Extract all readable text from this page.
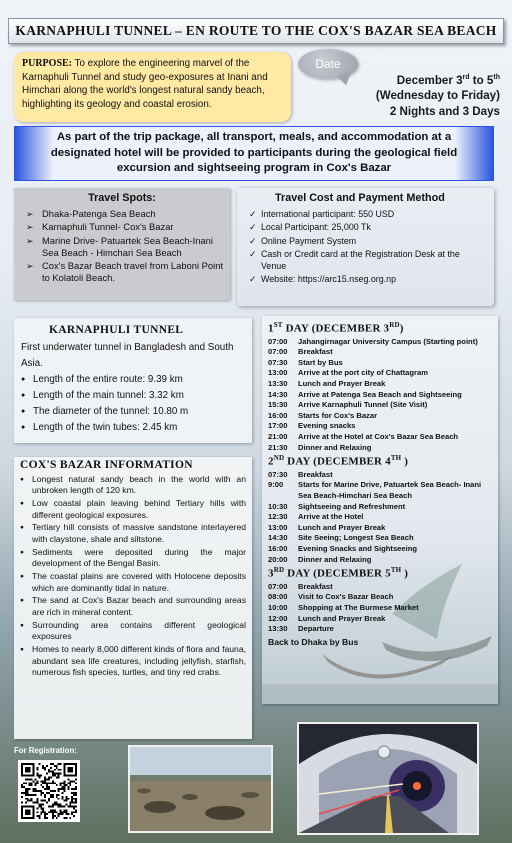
KARNAPHULI TUNNEL – EN ROUTE TO THE COX'S BAZAR SEA BEACH
PURPOSE: To explore the engineering marvel of the Karnaphuli Tunnel and study geo-exposures at Inani and Himchari along the world's longest natural sandy beach, highlighting its geology and coastal erosion.
Date
December 3rd to 5th
(Wednesday to Friday)
2 Nights and 3 Days
As part of the trip package, all transport, meals, and accommodation at a designated hotel will be provided to participants during the geological field excursion and sightseeing program in Cox's Bazar
Travel Spots:
➢ Dhaka-Patenga Sea Beach
➢ Karnaphuli Tunnel- Cox's Bazar
➢ Marine Drive- Patuartek Sea Beach-Inani Sea Beach - Himchari Sea Beach
➢ Cox's Bazar Beach travel from Laboni Point to Kolatoli Beach.
Travel Cost and Payment Method
✓ International participant: 550 USD
✓ Local Participant: 25,000 Tk
✓ Online Payment System
✓ Cash or Credit card at the Registration Desk at the Venue
✓ Website: https://arc15.nseg.org.np
KARNAPHULI TUNNEL
First underwater tunnel in Bangladesh and South Asia.
● Length of the entire route: 9.39 km
● Length of the main tunnel: 3.32 km
● The diameter of the tunnel: 10.80 m
● Length of the twin tubes: 2.45 km
COX'S BAZAR INFORMATION
● Longest natural sandy beach in the world with an unbroken length of 120 km.
● Low coastal plain leaving behind Tertiary hills with different geological exposures.
● Tertiary hill consists of massive sandstone interlayered with claystone, shale and siltstone.
● Sediments were deposited during the major development of the Bengal Basin.
● The coastal plains are covered with Holocene deposits which are dominantly tidal in nature.
● The sand at Cox's Bazar beach and surrounding areas are rich in mineral content.
● Surrounding area contains different geological exposures
● Homes to nearly 8,000 different kinds of flora and fauna, abundant sea life creatures, including jellyfish, starfish, numerous fish species, turtles, and tiny red crabs.
1ST DAY (DECEMBER 3RD)
07:00 Jahangirnagar University Campus (Starting point)
07:00 Breakfast
07:30 Start by Bus
13:00 Arrive at the port city of Chattagram
13:30 Lunch and Prayer Break
14:30 Arrive at Patenga Sea Beach and Sightseeing
15:30 Arrive Karnaphuli Tunnel (Site Visit)
16:00 Starts for Cox's Bazar
17:00 Evening snacks
21:00 Arrive at the Hotel at Cox's Bazar Sea Beach
21:30 Dinner and Relaxing
2ND DAY (DECEMBER 4TH )
07:30 Breakfast
9:00 Starts for Marine Drive, Patuartek Sea Beach- Inani Sea Beach-Himchari Sea Beach
10:30 Sightseeing and Refreshment
12:30 Arrive at the Hotel
13:00 Lunch and Prayer Break
14:30 Site Seeing; Longest Sea Beach
16:00 Evening Snacks and Sightseeing
20:00 Dinner and Relaxing
3RD DAY (DECEMBER 5TH )
07:00 Breakfast
08:00 Visit to Cox's Bazar Beach
10:00 Shopping at The Burmese Market
12:00 Lunch and Prayer Break
13:30 Departure
Back to Dhaka by Bus
For Registration:
